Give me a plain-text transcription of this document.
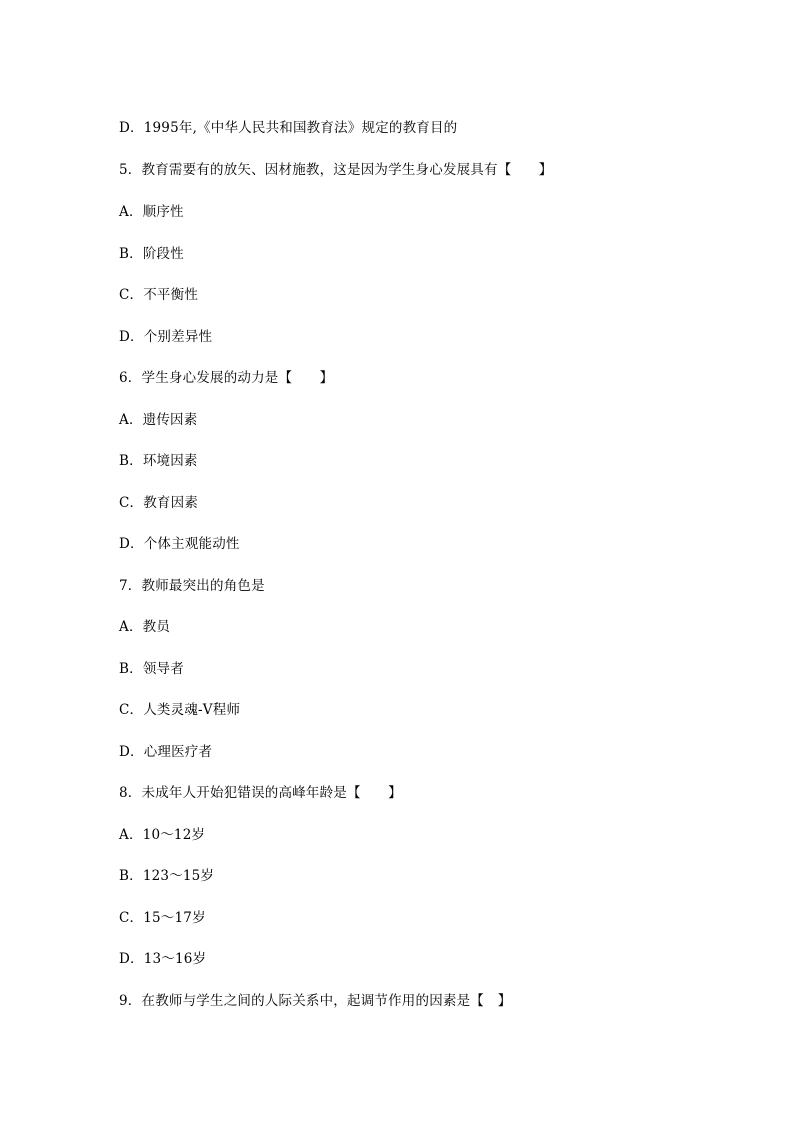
D．1995年,《中华人民共和国教育法》规定的教育目的
5．教育需要有的放矢、因材施教，这是因为学生身心发展具有【　　】
A．顺序性
B．阶段性
C．不平衡性
D．个别差异性
6．学生身心发展的动力是【　　】
A．遗传因素
B．环境因素
C．教育因素
D．个体主观能动性
7．教师最突出的角色是
A．教员
B．领导者
C．人类灵魂-V程师
D．心理医疗者
8．未成年人开始犯错误的高峰年龄是【　　】
A．10～12岁
B．123～15岁
C．15～17岁
D．13～16岁
9．在教师与学生之间的人际关系中，起调节作用的因素是【　】
